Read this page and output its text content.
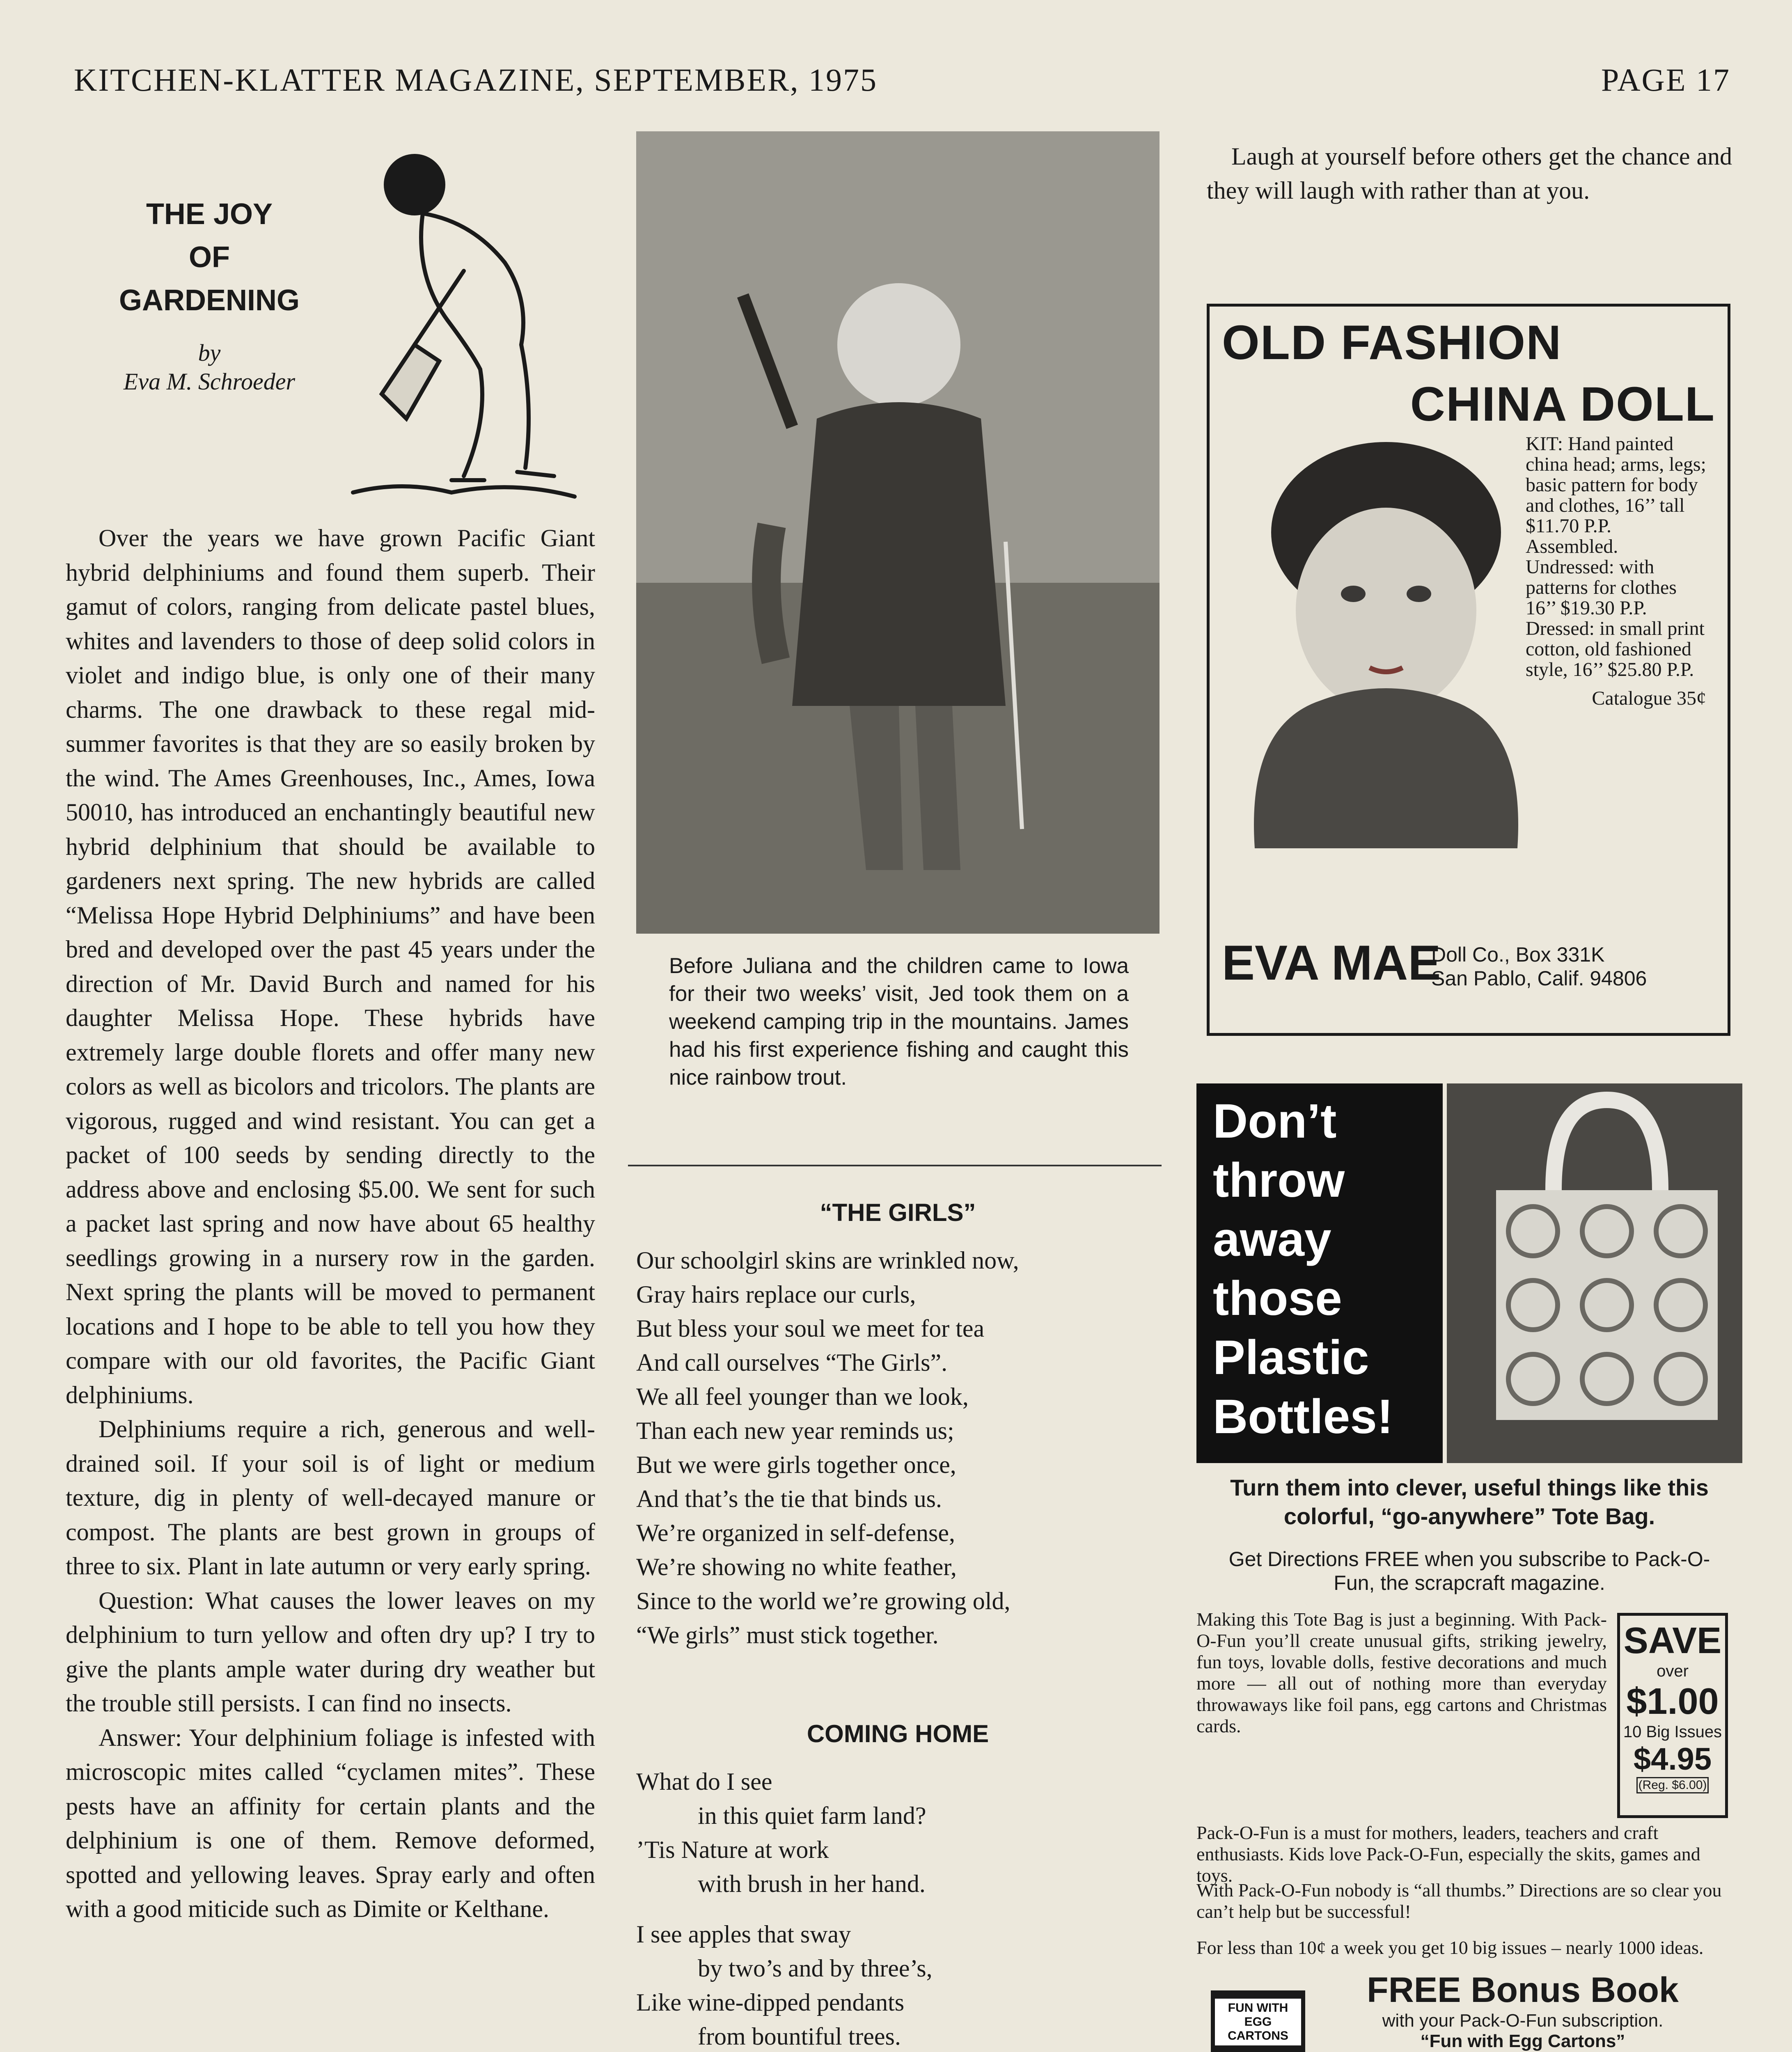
KITCHEN-KLATTER MAGAZINE, SEPTEMBER, 1975	PAGE 17
THE JOY
OF
GARDENING
by
Eva M. Schroeder

Over the years we have grown Pacific Giant hybrid delphiniums and found them superb. Their gamut of colors, ranging from delicate pastel blues, whites and lavenders to those of deep solid colors in violet and indigo blue, is only one of their many charms. The one drawback to these regal mid-summer favorites is that they are so easily broken by the wind. The Ames Greenhouses, Inc., Ames, Iowa 50010, has introduced an enchantingly beautiful new hybrid delphinium that should be available to gardeners next spring. The new hybrids are called “Melissa Hope Hybrid Delphiniums” and have been bred and developed over the past 45 years under the direction of Mr. David Burch and named for his daughter Melissa Hope. These hybrids have extremely large double florets and offer many new colors as well as bicolors and tricolors. The plants are vigorous, rugged and wind resistant. You can get a packet of 100 seeds by sending directly to the address above and enclosing $5.00. We sent for such a packet last spring and now have about 65 healthy seedlings growing in a nursery row in the garden. Next spring the plants will be moved to permanent locations and I hope to be able to tell you how they compare with our old favorites, the Pacific Giant delphiniums.

Delphiniums require a rich, generous and well-drained soil. If your soil is of light or medium texture, dig in plenty of well-decayed manure or compost. The plants are best grown in groups of three to six. Plant in late autumn or very early spring.

Question: What causes the lower leaves on my delphinium to turn yellow and often dry up? I try to give the plants ample water during dry weather but the trouble still persists. I can find no insects.

Answer: Your delphinium foliage is infested with microscopic mites called “cyclamen mites”. These pests have an affinity for certain plants and the delphinium is one of them. Remove deformed, spotted and yellowing leaves. Spray early and often with a good miticide such as Dimite or Kelthane.

Before Juliana and the children came to Iowa for their two weeks’ visit, Jed took them on a weekend camping trip in the mountains. James had his first experience fishing and caught this nice rainbow trout.
“THE GIRLS”
Our schoolgirl skins are wrinkled now,
Gray hairs replace our curls,
But bless your soul we meet for tea
And call ourselves “The Girls”.
We all feel younger than we look,
Than each new year reminds us;
But we were girls together once,
And that’s the tie that binds us.
We’re organized in self-defense,
We’re showing no white feather,
Since to the world we’re growing old,
“We girls” must stick together.
COMING HOME
What do I see
in this quiet farm land?
’Tis Nature at work
with brush in her hand.
I see apples that sway
by two’s and by three’s,
Like wine-dipped pendants
from bountiful trees.
Laugh at yourself before others get the chance and they will laugh with rather than at you.
OLD FASHION
CHINA DOLL
KIT: Hand painted china head; arms, legs; basic pattern for body and clothes, 16’’ tall $11.70 P.P.
Assembled. Undressed: with patterns for clothes 16’’ $19.30 P.P.
Dressed: in small print cotton, old fashioned style, 16’’ $25.80 P.P.
Catalogue 35¢
EVA MAE
Doll Co., Box 331K
San Pablo, Calif. 94806
Don’t
throw
away
those
Plastic
Bottles!
Turn them into clever, useful things like this colorful, “go-anywhere” Tote Bag.
Get Directions FREE when you subscribe to Pack-O-Fun, the scrapcraft magazine.
Making this Tote Bag is just a beginning. With Pack-O-Fun you’ll create unusual gifts, striking jewelry, fun toys, lovable dolls, festive decorations and much more — all out of nothing more than everyday throwaways like foil pans, egg cartons and Christmas cards.
SAVE
over
$1.00
10 Big Issues
$4.95
(Reg. $6.00)
Pack-O-Fun is a must for mothers, leaders, teachers and craft enthusiasts. Kids love Pack-O-Fun, especially the skits, games and toys.
With Pack-O-Fun nobody is “all thumbs.” Directions are so clear you can’t help but be successful!
For less than 10¢ a week you get 10 big issues – nearly 1000 ideas.
FUN WITH EGG CARTONS
FREE Bonus Book
with your Pack-O-Fun subscription.
“Fun with Egg Cartons”
